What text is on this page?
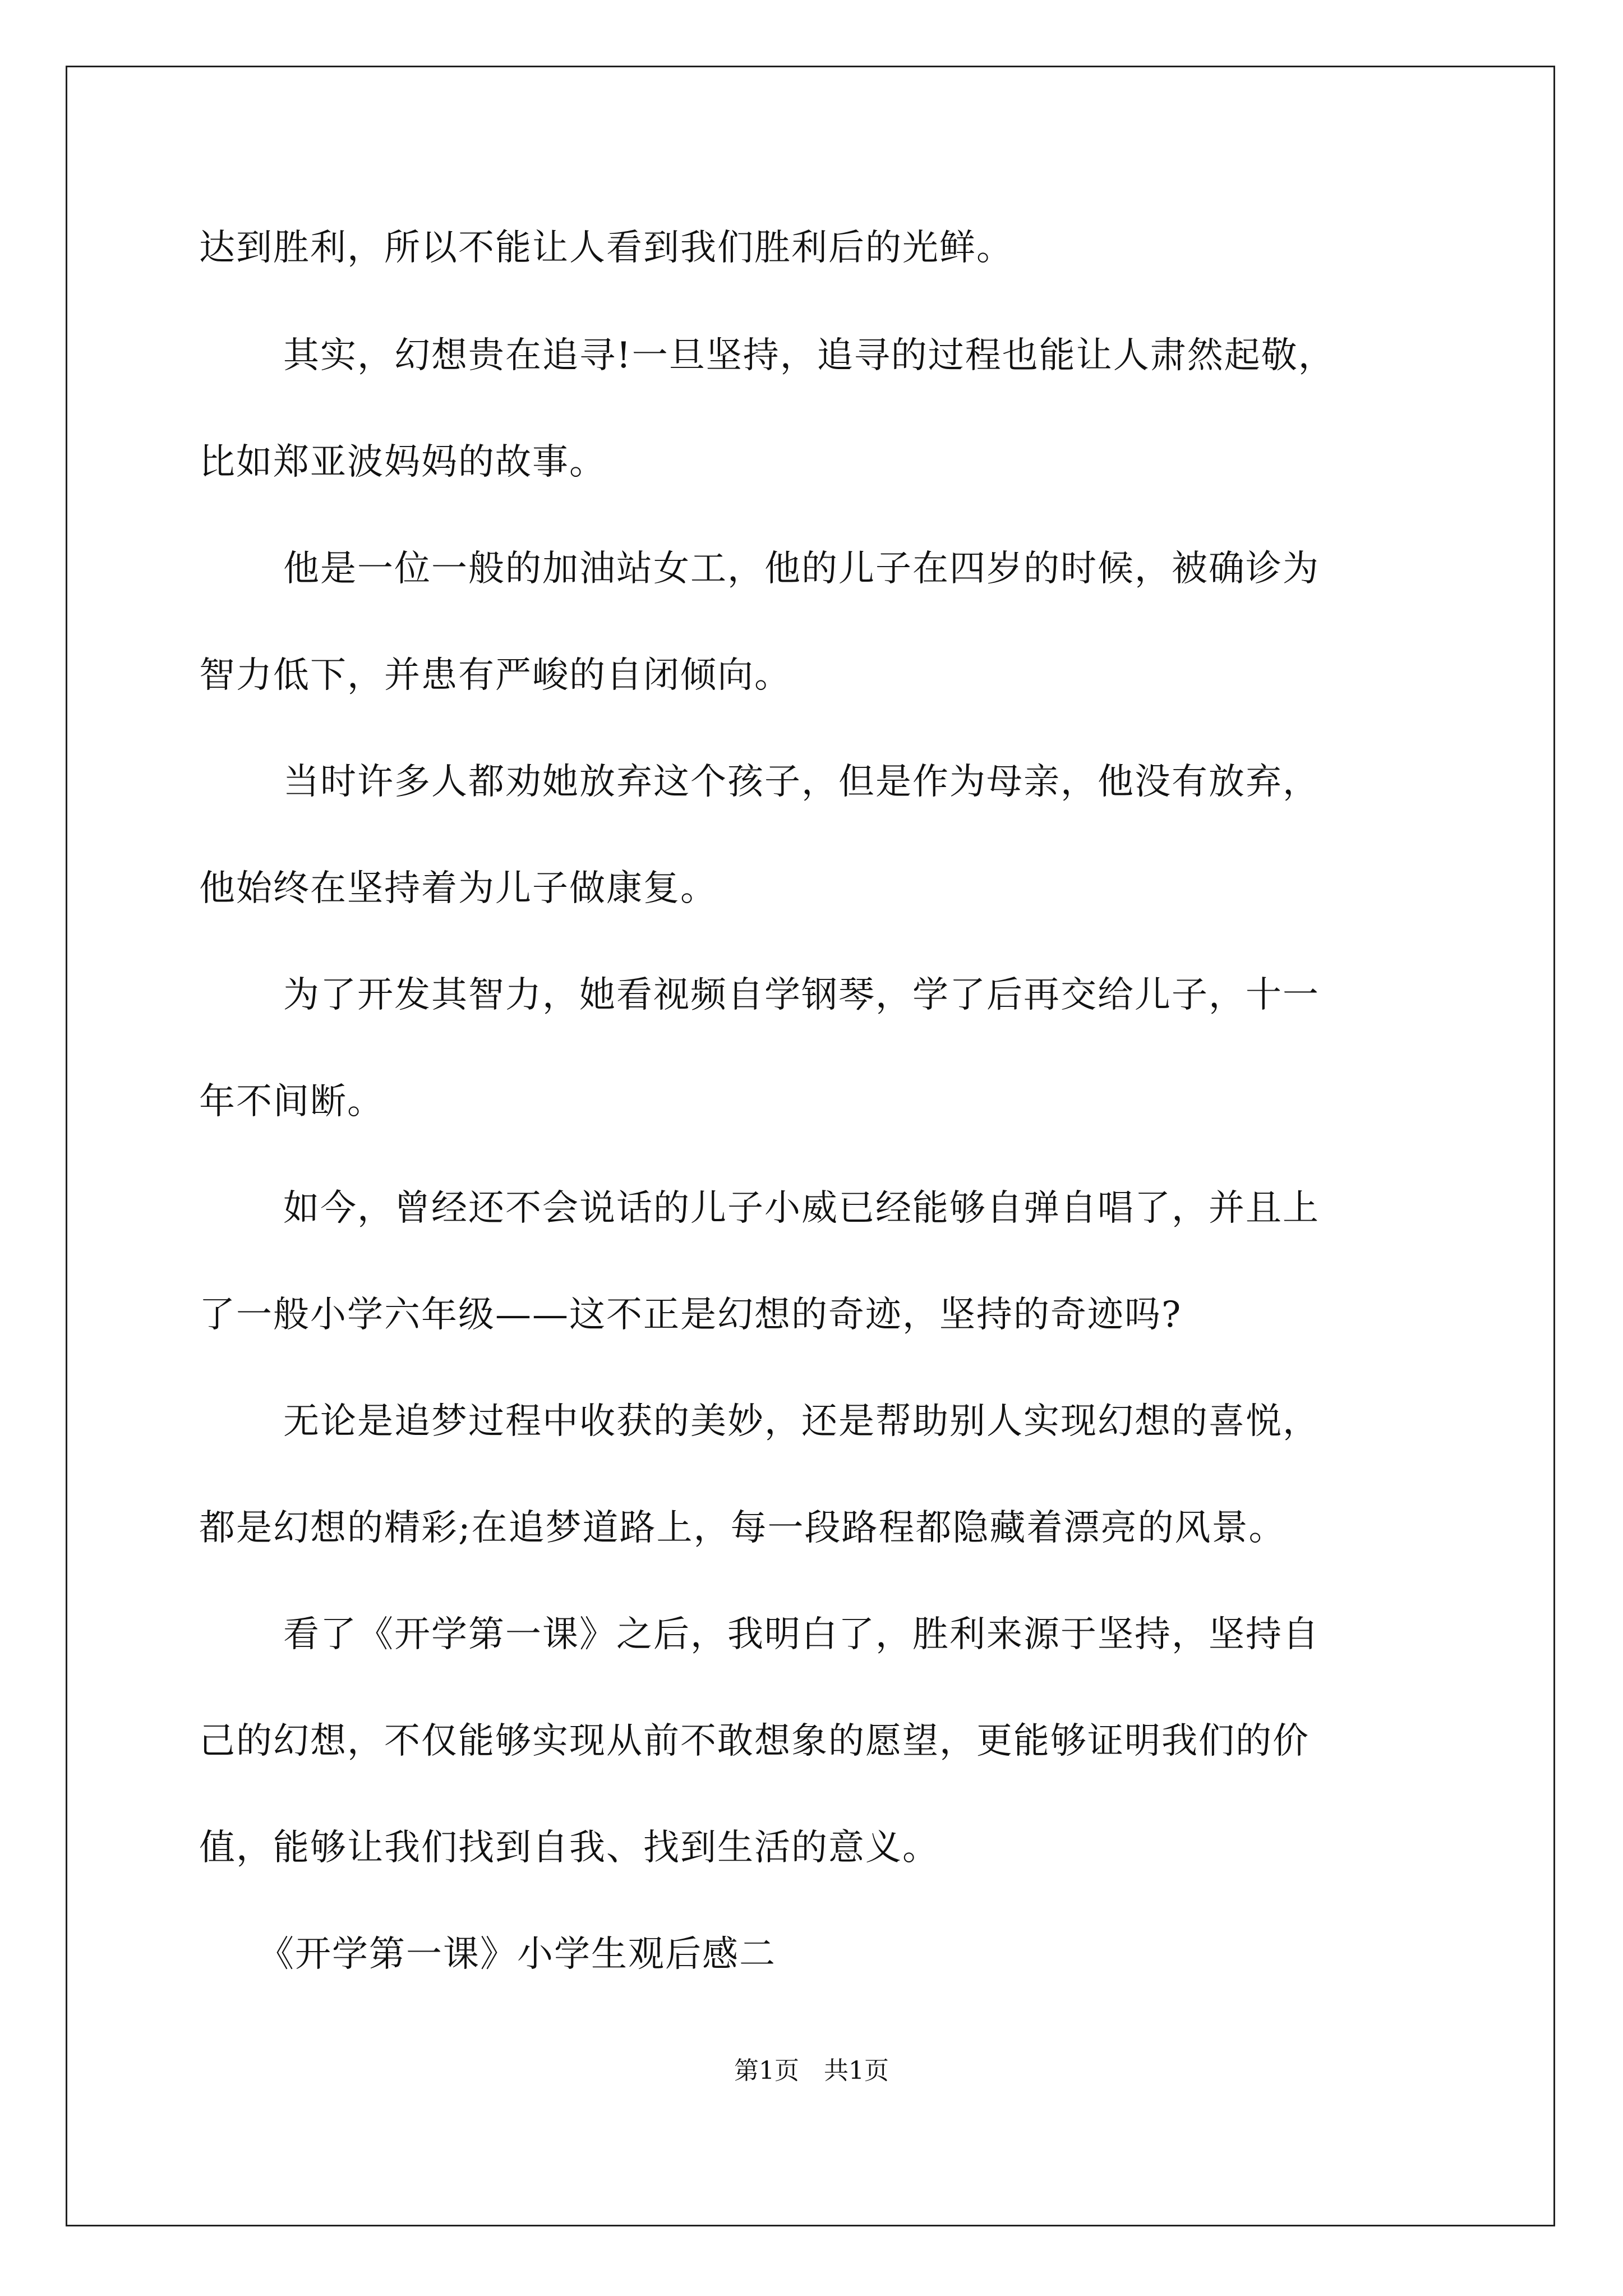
达到胜利，所以不能让人看到我们胜利后的光鲜。
其实，幻想贵在追寻!一旦坚持，追寻的过程也能让人肃然起敬，
比如郑亚波妈妈的故事。
他是一位一般的加油站女工，他的儿子在四岁的时候，被确诊为
智力低下，并患有严峻的自闭倾向。
当时许多人都劝她放弃这个孩子，但是作为母亲，他没有放弃，
他始终在坚持着为儿子做康复。
为了开发其智力，她看视频自学钢琴，学了后再交给儿子，十一
年不间断。
如今，曾经还不会说话的儿子小威已经能够自弹自唱了，并且上
了一般小学六年级——这不正是幻想的奇迹，坚持的奇迹吗?
无论是追梦过程中收获的美妙，还是帮助别人实现幻想的喜悦，
都是幻想的精彩;在追梦道路上，每一段路程都隐藏着漂亮的风景。
看了《开学第一课》之后，我明白了，胜利来源于坚持，坚持自
己的幻想，不仅能够实现从前不敢想象的愿望，更能够证明我们的价
值，能够让我们找到自我、找到生活的意义。
《开学第一课》小学生观后感二
第1页　共1页
